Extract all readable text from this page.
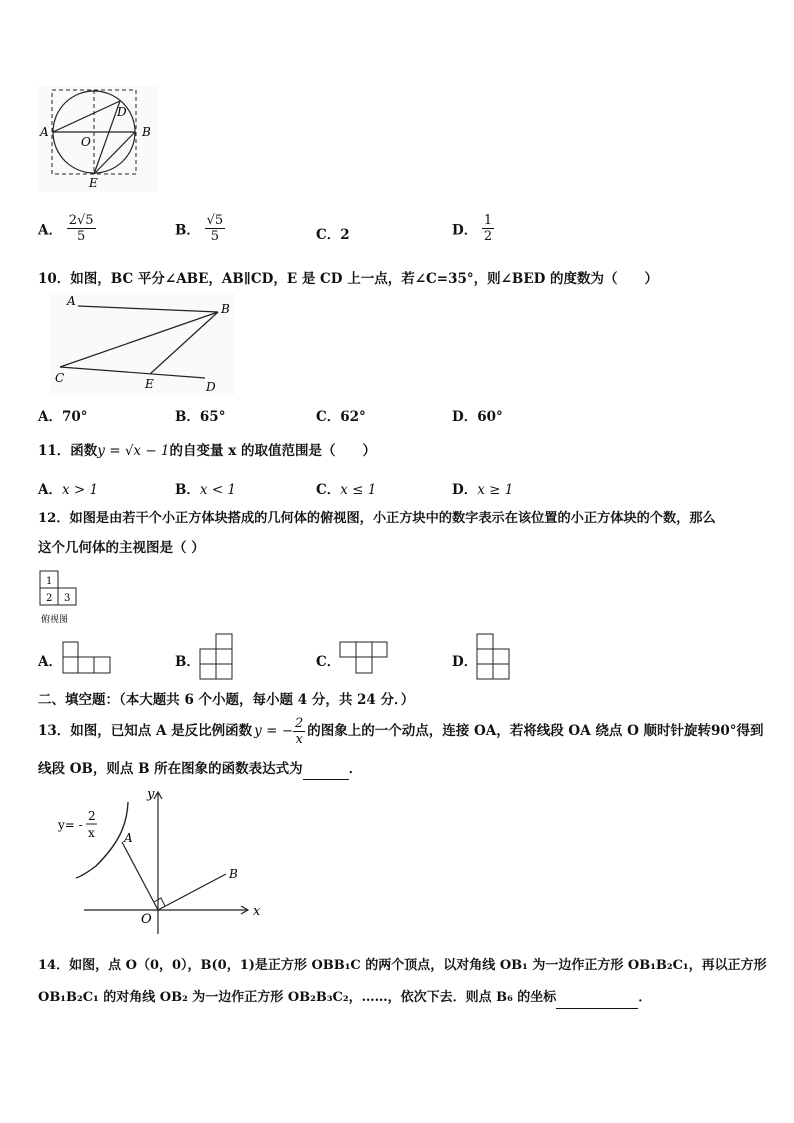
A	B
D
O
E
A． $\frac{2√5}{5}$	B． $\frac{√5}{5}$	C．2	D． $\frac{1}{2}$
10．如图，BC 平分∠ABE，AB∥CD，E 是 CD 上一点，若∠C=35°，则∠BED 的度数为（　　）
A
B
C	E	D
A．70°	B．65°	C．62°	D．60°
11．函数y = √x − 1的自变量 x 的取值范围是（　　）
A．x > 1	B．x < 1	C．x ≤ 1	D．x ≥ 1
12．如图是由若干个小正方体块搭成的几何体的俯视图，小正方块中的数字表示在该位置的小正方体块的个数，那么
这个几何体的主视图是（ ）
1
2 3
俯视图
A．	B．	C．	D．
二、填空题：（本大题共 6 个小题，每小题 4 分，共 24 分．）
13．如图，已知点 A 是反比例函数 y = − $\frac{2}{x}$ 的图象上的一个动点，连接 OA，若将线段 OA 绕点 O 顺时针旋转90°得到
线段 OB，则点 B 所在图象的函数表达式为	．
y
x
O
A
B
y= -
2
x
14．如图，点 O（0，0），B(0，1)是正方形 OBB₁C 的两个顶点，以对角线 OB₁ 为一边作正方形 OB₁B₂C₁，再以正方形
OB₁B₂C₁ 的对角线 OB₂ 为一边作正方形 OB₂B₃C₂，……，依次下去．则点 B₆ 的坐标	．
